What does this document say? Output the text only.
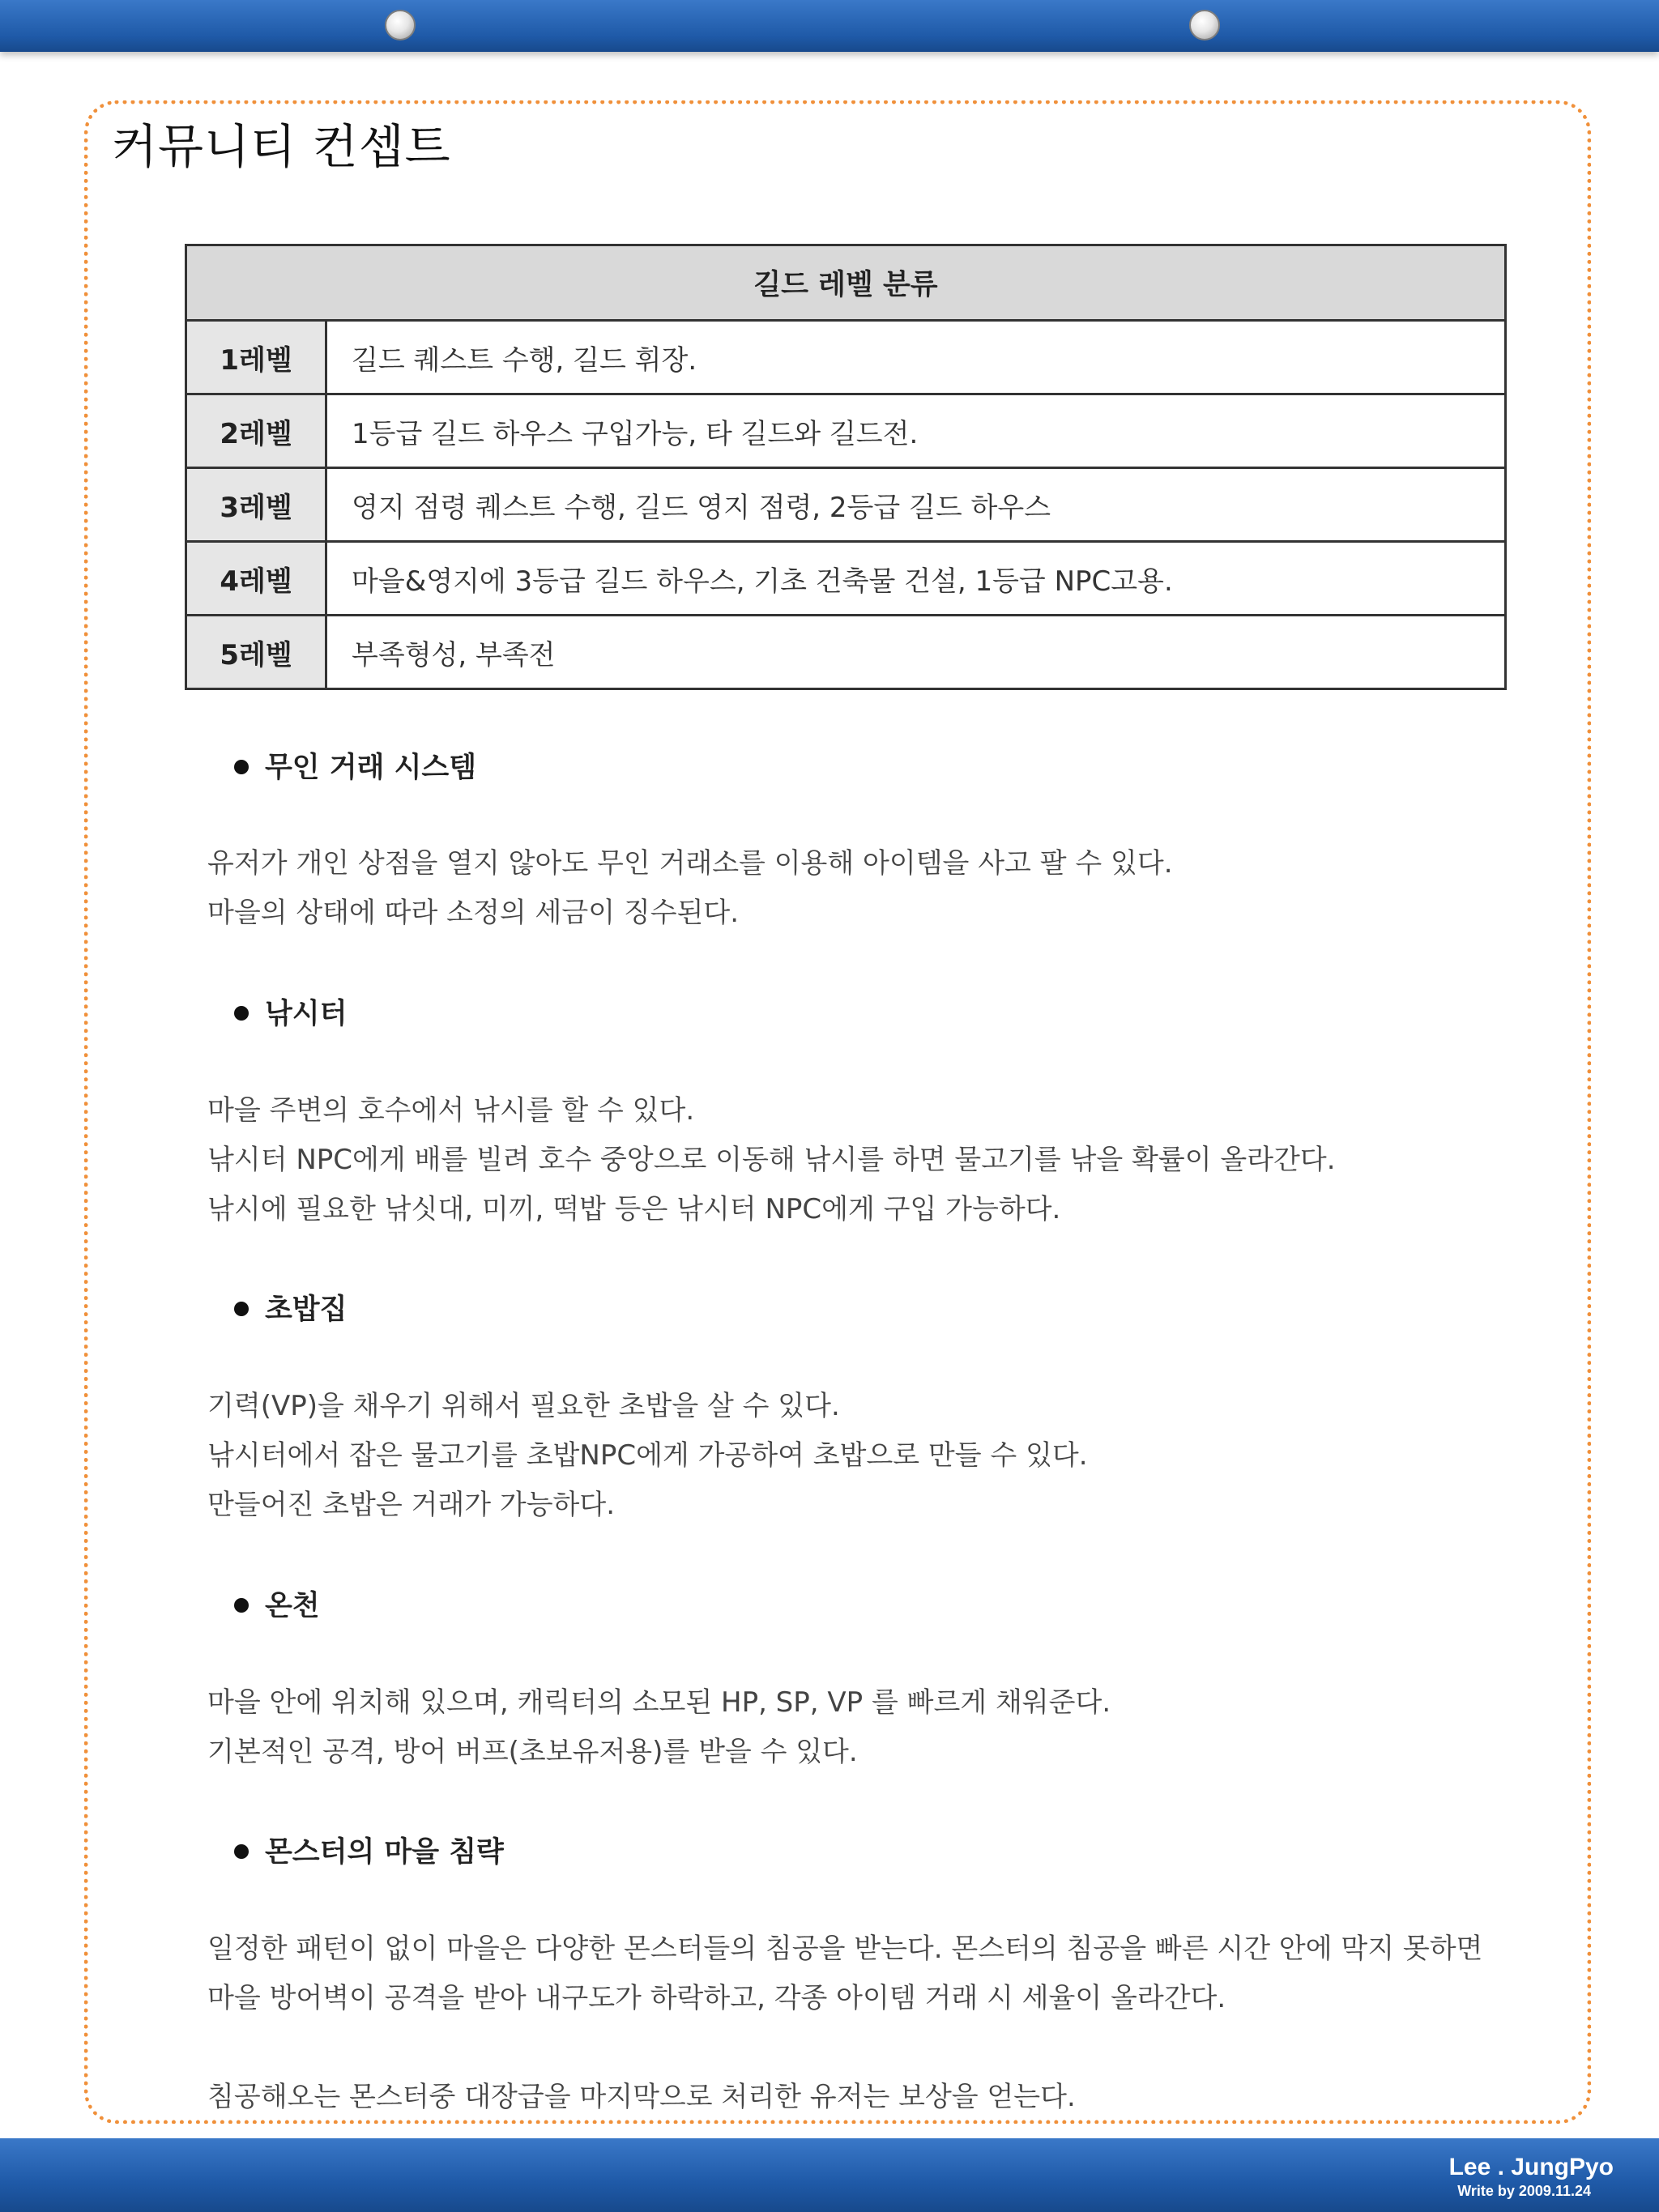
커뮤니티 컨셉트
길드 레벨 분류	
1레벨	길드 퀘스트 수행, 길드 휘장.
2레벨	1등급 길드 하우스 구입가능, 타 길드와 길드전.
3레벨	영지 점령 퀘스트 수행, 길드 영지 점령, 2등급 길드 하우스
4레벨	마을&영지에 3등급 길드 하우스, 기초 건축물 건설, 1등급 NPC고용.
5레벨	부족형성, 부족전
무인 거래 시스템

유저가 개인 상점을 열지 않아도 무인 거래소를 이용해 아이템을 사고 팔 수 있다.

마을의 상태에 따라 소정의 세금이 징수된다.

낚시터

마을 주변의 호수에서 낚시를 할 수 있다.

낚시터 NPC에게 배를 빌려 호수 중앙으로 이동해 낚시를 하면 물고기를 낚을 확률이 올라간다.

낚시에 필요한 낚싯대, 미끼, 떡밥 등은 낚시터 NPC에게 구입 가능하다.

초밥집

기력(VP)을 채우기 위해서 필요한 초밥을 살 수 있다.

낚시터에서 잡은 물고기를 초밥NPC에게 가공하여 초밥으로 만들 수 있다.

만들어진 초밥은 거래가 가능하다.

온천

마을 안에 위치해 있으며, 캐릭터의 소모된 HP, SP, VP 를 빠르게 채워준다.

기본적인 공격, 방어 버프(초보유저용)를 받을 수 있다.

몬스터의 마을 침략

일정한 패턴이 없이 마을은 다양한 몬스터들의 침공을 받는다. 몬스터의 침공을 빠른 시간 안에 막지 못하면 마을 방어벽이 공격을 받아 내구도가 하락하고, 각종 아이템 거래 시 세율이 올라간다.

침공해오는 몬스터중 대장급을 마지막으로 처리한 유저는 보상을 얻는다.

Lee . JungPyo
Write by 2009.11.24
